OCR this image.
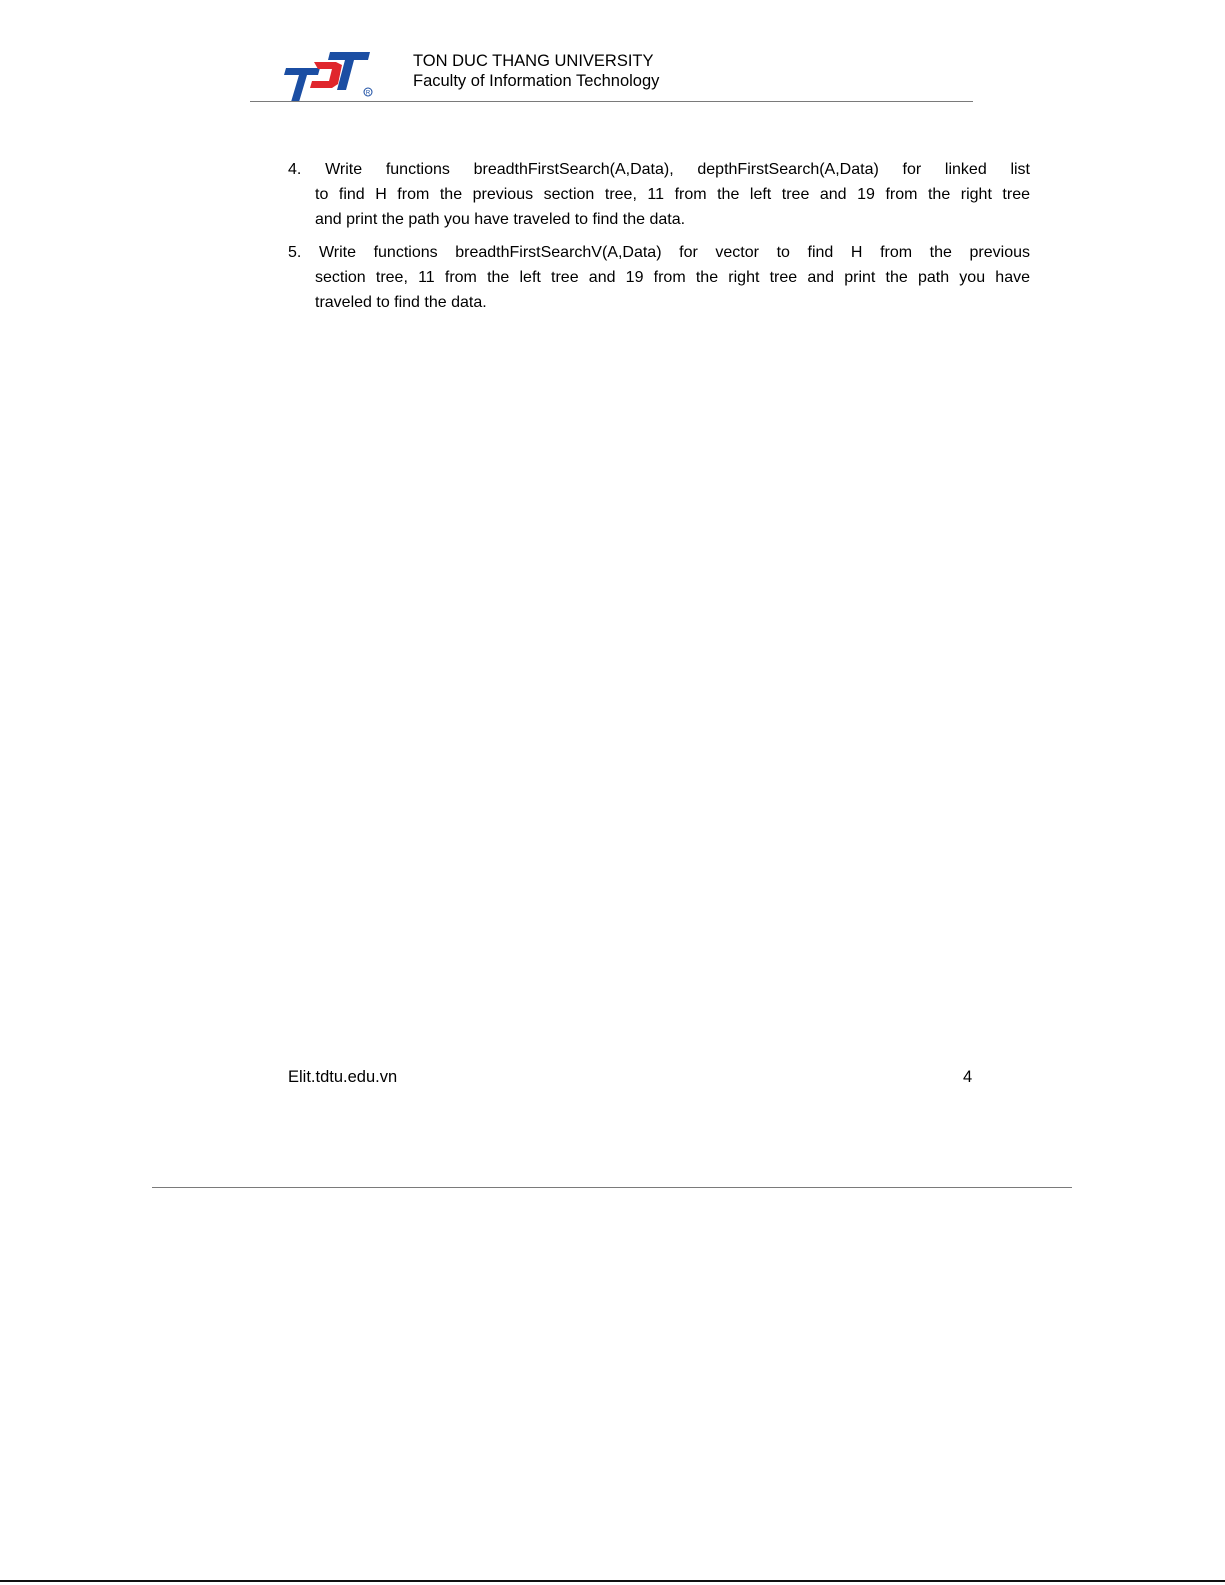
R
TON DUC THANG UNIVERSITY
Faculty of Information Technology
4. Write functions breadthFirstSearch(A,Data), depthFirstSearch(A,Data) for linked list
to find H from the previous section tree, 11 from the left tree and 19 from the right tree
and print the path you have traveled to find the data.
5. Write functions breadthFirstSearchV(A,Data) for vector to find H from the previous
section tree, 11 from the left tree and 19 from the right tree and print the path you have
traveled to find the data.
Elit.tdtu.edu.vn	4
